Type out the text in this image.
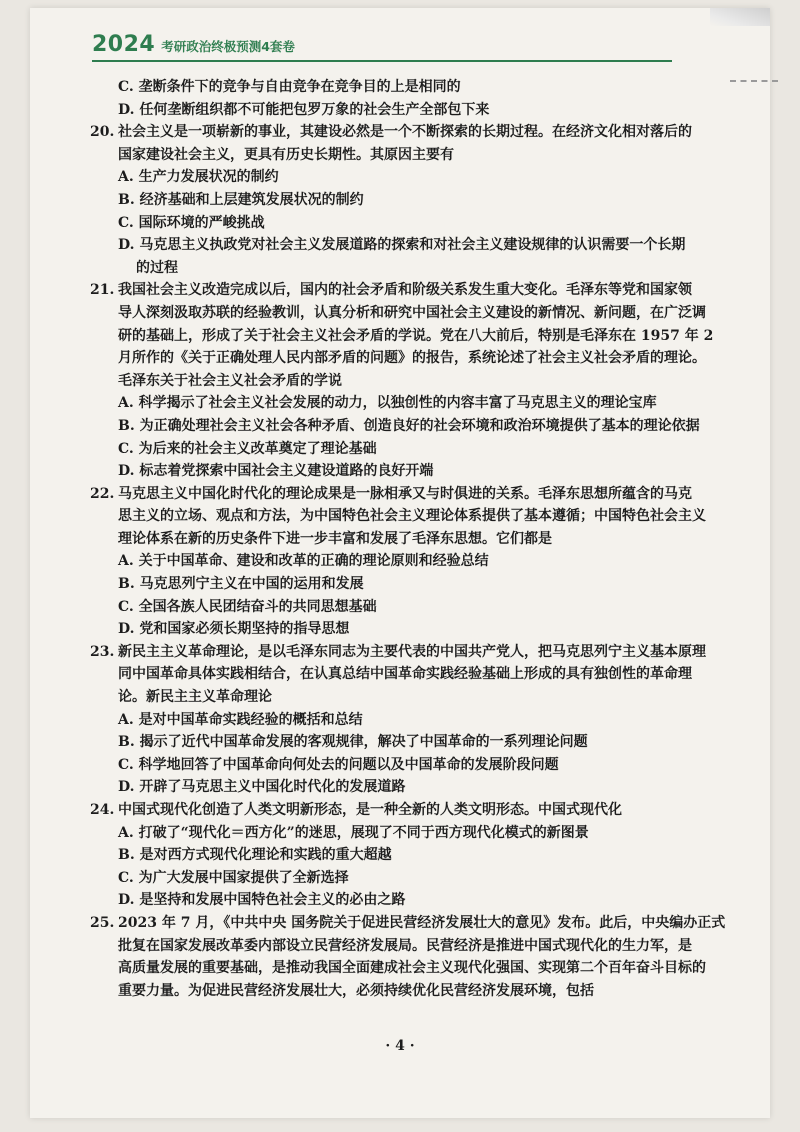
2024 考研政治终极预测4套卷
C. 垄断条件下的竞争与自由竞争在竞争目的上是相同的
D. 任何垄断组织都不可能把包罗万象的社会生产全部包下来
20. 社会主义是一项崭新的事业，其建设必然是一个不断探索的长期过程。在经济文化相对落后的
国家建设社会主义，更具有历史长期性。其原因主要有
A. 生产力发展状况的制约
B. 经济基础和上层建筑发展状况的制约
C. 国际环境的严峻挑战
D. 马克思主义执政党对社会主义发展道路的探索和对社会主义建设规律的认识需要一个长期
的过程
21. 我国社会主义改造完成以后，国内的社会矛盾和阶级关系发生重大变化。毛泽东等党和国家领
导人深刻汲取苏联的经验教训，认真分析和研究中国社会主义建设的新情况、新问题，在广泛调
研的基础上，形成了关于社会主义社会矛盾的学说。党在八大前后，特别是毛泽东在 1957 年 2
月所作的《关于正确处理人民内部矛盾的问题》的报告，系统论述了社会主义社会矛盾的理论。
毛泽东关于社会主义社会矛盾的学说
A. 科学揭示了社会主义社会发展的动力，以独创性的内容丰富了马克思主义的理论宝库
B. 为正确处理社会主义社会各种矛盾、创造良好的社会环境和政治环境提供了基本的理论依据
C. 为后来的社会主义改革奠定了理论基础
D. 标志着党探索中国社会主义建设道路的良好开端
22. 马克思主义中国化时代化的理论成果是一脉相承又与时俱进的关系。毛泽东思想所蕴含的马克
思主义的立场、观点和方法，为中国特色社会主义理论体系提供了基本遵循；中国特色社会主义
理论体系在新的历史条件下进一步丰富和发展了毛泽东思想。它们都是
A. 关于中国革命、建设和改革的正确的理论原则和经验总结
B. 马克思列宁主义在中国的运用和发展
C. 全国各族人民团结奋斗的共同思想基础
D. 党和国家必须长期坚持的指导思想
23. 新民主主义革命理论，是以毛泽东同志为主要代表的中国共产党人，把马克思列宁主义基本原理
同中国革命具体实践相结合，在认真总结中国革命实践经验基础上形成的具有独创性的革命理
论。新民主主义革命理论
A. 是对中国革命实践经验的概括和总结
B. 揭示了近代中国革命发展的客观规律，解决了中国革命的一系列理论问题
C. 科学地回答了中国革命向何处去的问题以及中国革命的发展阶段问题
D. 开辟了马克思主义中国化时代化的发展道路
24. 中国式现代化创造了人类文明新形态，是一种全新的人类文明形态。中国式现代化
A. 打破了“现代化＝西方化”的迷思，展现了不同于西方现代化模式的新图景
B. 是对西方式现代化理论和实践的重大超越
C. 为广大发展中国家提供了全新选择
D. 是坚持和发展中国特色社会主义的必由之路
25. 2023 年 7 月，《中共中央 国务院关于促进民营经济发展壮大的意见》发布。此后，中央编办正式
批复在国家发展改革委内部设立民营经济发展局。民营经济是推进中国式现代化的生力军，是
高质量发展的重要基础，是推动我国全面建成社会主义现代化强国、实现第二个百年奋斗目标的
重要力量。为促进民营经济发展壮大，必须持续优化民营经济发展环境，包括
· 4 ·
